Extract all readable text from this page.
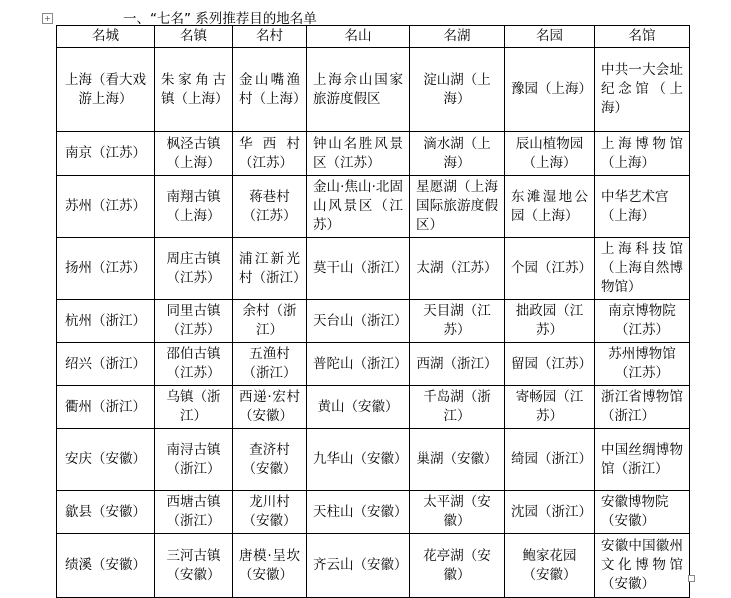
+	一、“七名” 系列推荐目的地名单
名城	名镇	名村	名山	名湖	名园	名馆
上海（看大戏游上海）	朱家角古镇（上海）	金山嘴渔村（上海）	上海佘山国家旅游度假区	淀山湖（上海）	豫园（上海）	中共一大会址纪念馆（上海）
南京（江苏）	枫泾古镇（上海）	华西村（江苏）	钟山名胜风景区（江苏）	滴水湖（上海）	辰山植物园（上海）	上海博物馆（上海）
苏州（江苏）	南翔古镇（上海）	蒋巷村（江苏）	金山·焦山·北固山风景区（江苏）	星愿湖（上海国际旅游度假区）	东滩湿地公园（上海）	中华艺术宫（上海）
扬州（江苏）	周庄古镇（江苏）	浦江新光村（浙江）	莫干山（浙江）	太湖（江苏）	个园（江苏）	上海科技馆（上海自然博物馆）
杭州（浙江）	同里古镇（江苏）	余村（浙江）	天台山（浙江）	天目湖（江苏）	拙政园（江苏）	南京博物院（江苏）
绍兴（浙江）	邵伯古镇（江苏）	五渔村（浙江）	普陀山（浙江）	西湖（浙江）	留园（江苏）	苏州博物馆（江苏）
衢州（浙江）	乌镇（浙江）	西递·宏村（安徽）	黄山（安徽）	千岛湖（浙江）	寄畅园（江苏）	浙江省博物馆（浙江）
安庆（安徽）	南浔古镇（浙江）	查济村（安徽）	九华山（安徽）	巢湖（安徽）	绮园（浙江）	中国丝绸博物馆（浙江）
歙县（安徽）	西塘古镇（浙江）	龙川村（安徽）	天柱山（安徽）	太平湖（安徽）	沈园（浙江）	安徽博物院（安徽）
绩溪（安徽）	三河古镇（安徽）	唐模·呈坎（安徽）	齐云山（安徽）	花亭湖（安徽）	鲍家花园（安徽）	安徽中国徽州文化博物馆（安徽）
